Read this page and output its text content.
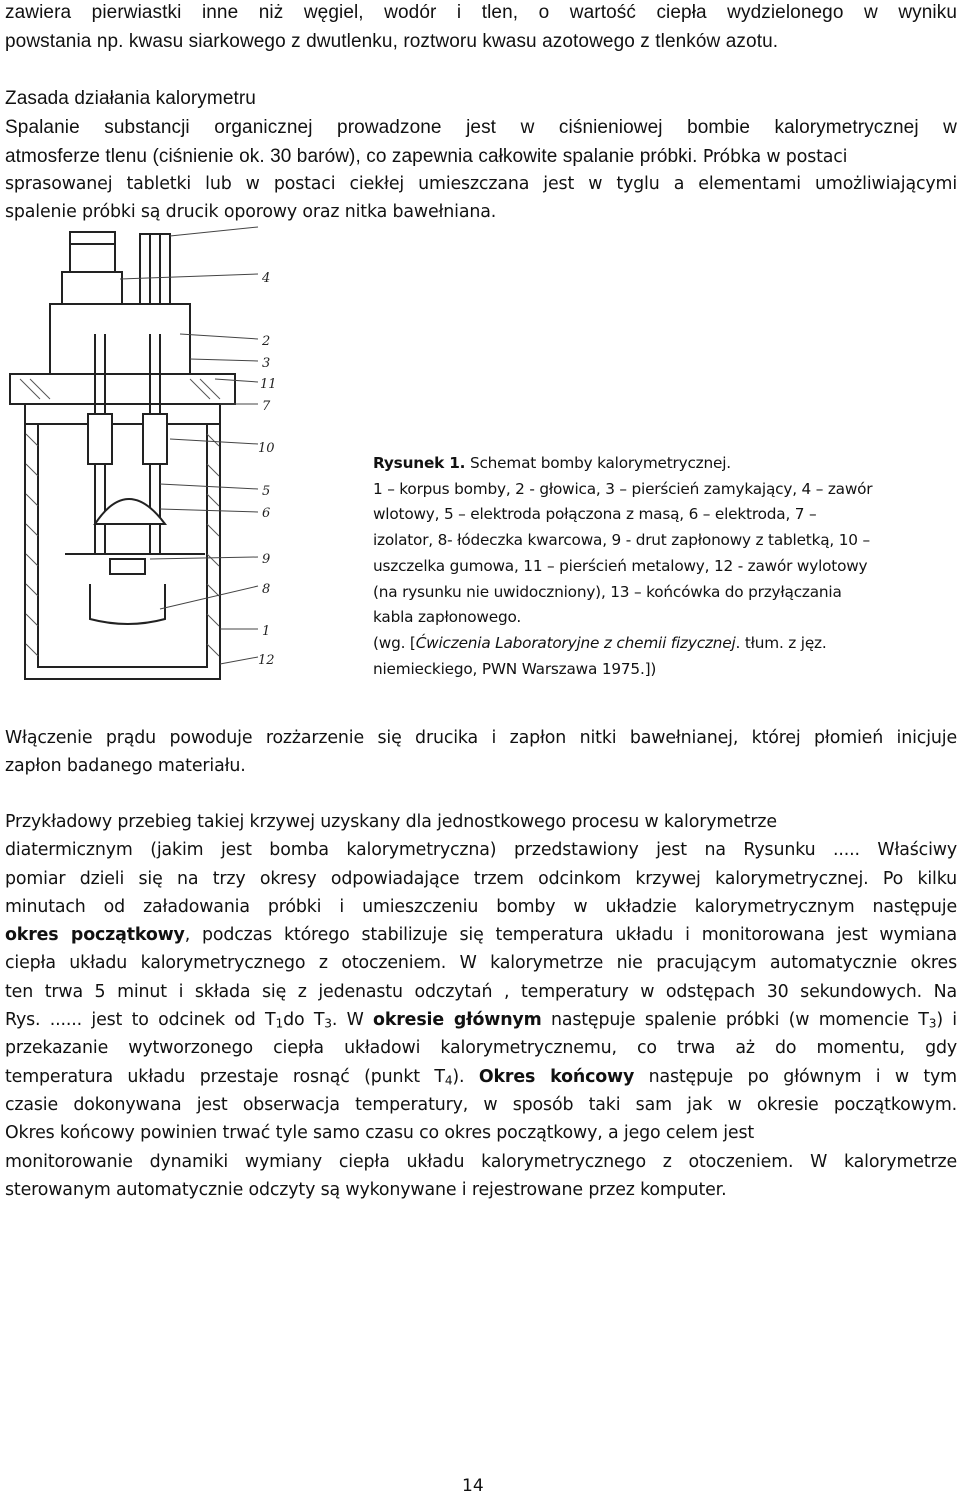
zawiera pierwiastki inne niż węgiel, wodór i tlen, o wartość ciepła wydzielonego w wyniku
powstania np. kwasu siarkowego z dwutlenku, roztworu kwasu azotowego z tlenków azotu.
Zasada działania kalorymetru
Spalanie substancji organicznej prowadzone jest w ciśnieniowej bombie kalorymetrycznej w
atmosferze tlenu (ciśnienie ok. 30 barów), co zapewnia całkowite spalanie próbki. Próbka w postaci
sprasowanej tabletki lub w postaci ciekłej umieszczana jest w tyglu a elementami umożliwiającymi
spalenie próbki są drucik oporowy oraz nitka bawełniana.
4
2
3
11
7
10
5
6
9
8
1
12
Rysunek 1. Schemat bomby kalorymetrycznej.
1 – korpus bomby, 2 - głowica, 3 – pierścień zamykający, 4 – zawór
wlotowy, 5 – elektroda połączona z masą, 6 – elektroda, 7 –
izolator, 8- łódeczka kwarcowa, 9 - drut zapłonowy z tabletką, 10 –
uszczelka gumowa, 11 – pierścień metalowy, 12 - zawór wylotowy
(na rysunku nie uwidoczniony), 13 – końcówka do przyłączania
kabla zapłonowego.
(wg. [Ćwiczenia Laboratoryjne z chemii fizycznej. tłum. z jęz.
niemieckiego, PWN Warszawa 1975.])
Włączenie prądu powoduje rozżarzenie się drucika i zapłon nitki bawełnianej, której płomień inicjuje
zapłon badanego materiału.
Przykładowy przebieg takiej krzywej uzyskany dla jednostkowego procesu w kalorymetrze
diatermicznym (jakim jest bomba kalorymetryczna) przedstawiony jest na Rysunku ..... Właściwy
pomiar dzieli się na trzy okresy odpowiadające trzem odcinkom krzywej kalorymetrycznej. Po kilku
minutach od załadowania próbki i umieszczeniu bomby w układzie kalorymetrycznym następuje
okres początkowy, podczas którego stabilizuje się temperatura układu i monitorowana jest wymiana
ciepła układu kalorymetrycznego z otoczeniem. W kalorymetrze nie pracującym automatycznie okres
ten trwa 5 minut i składa się z jedenastu odczytań , temperatury w odstępach 30 sekundowych. Na
Rys. ...... jest to odcinek od $T_1do$ $T_3$. W okresie głównym następuje spalenie próbki (w momencie $T_3$) i
przekazanie wytworzonego ciepła układowi kalorymetrycznemu, co trwa aż do momentu, gdy
temperatura układu przestaje rosnąć (punkt $T_4$). Okres końcowy następuje po głównym i w tym
czasie dokonywana jest obserwacja temperatury, w sposób taki sam jak w okresie początkowym.
Okres końcowy powinien trwać tyle samo czasu co okres początkowy, a jego celem jest
monitorowanie dynamiki wymiany ciepła układu kalorymetrycznego z otoczeniem. W kalorymetrze
sterowanym automatycznie odczyty są wykonywane i rejestrowane przez komputer.
14
